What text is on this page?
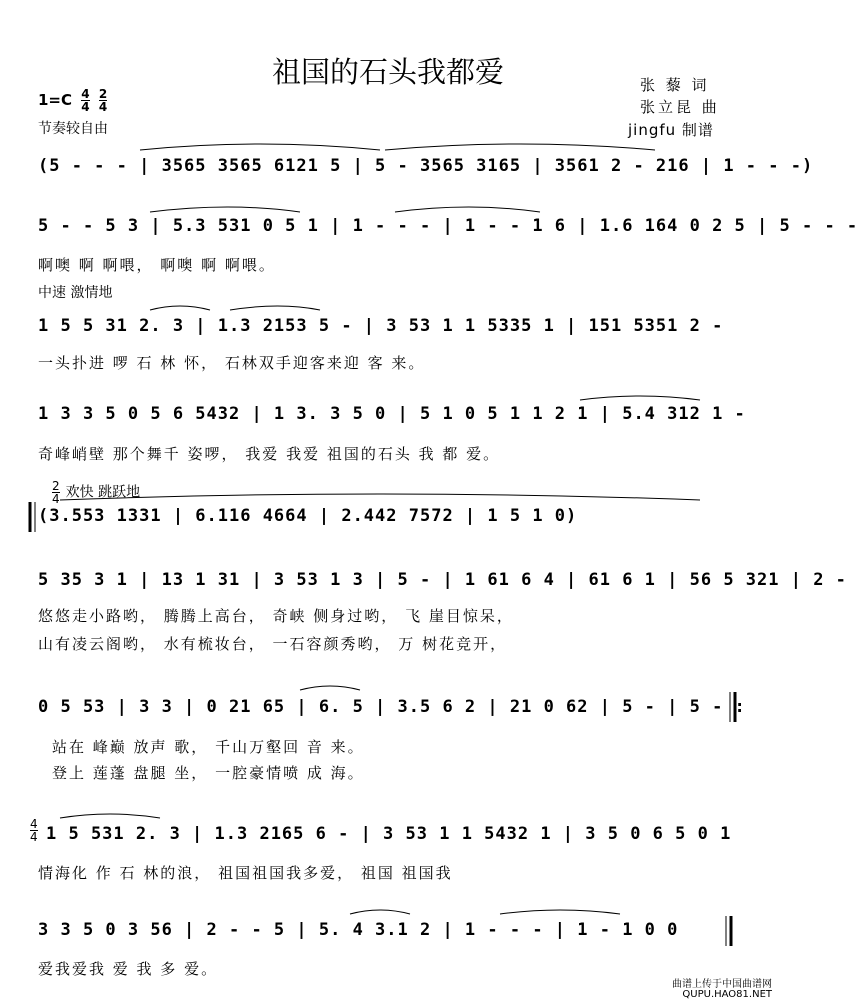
祖国的石头我都爱	张 藜 词
张立昆 曲
jingfu 制谱
$1=C \frac{4}{4}$
$\frac{2}{4}$
节奏较自由
(5 - - - | 3565 3565 6121 5 | 5 - 3565 3165 | 3561 2 - 216 | 1 - - -)
5 - - 5 3 | 5.3 531 0 5 1 | 1 - - - | 1 - - 1 6 | 1.6 164 0 2 5 | 5 - - -
啊噢 啊 啊喂， 啊噢 啊 啊喂。
中速 激情地
1 5 5 31 2. 3 | 1.3 2153 5 - | 3 53 1 1 5335 1 | 151 5351 2 -
一头扑进 啰 石 林 怀， 石林双手迎客来迎 客 来。
1 3 3 5 0 5 6 5432 | 1 3. 3 5 0 | 5 1 0 5 1 1 2 1 | 5.4 312 1 -
奇峰峭壁 那个舞千 姿啰， 我爱 我爱 祖国的石头 我 都 爱。
$\frac{2}{4}$ 欢快 跳跃地
(3.553 1331 | 6.116 4664 | 2.442 7572 | 1 5 1 0)
5 35 3 1 | 13 1 31 | 3 53 1 3 | 5 - | 1 61 6 4 | 61 6 1 | 56 5 321 | 2 -
悠悠走小路哟， 腾腾上高台， 奇峡 侧身过哟， 飞 崖目惊呆，
山有凌云阁哟， 水有梳妆台， 一石容颜秀哟， 万 树花竞开，
0 5 53 | 3 3 | 0 21 65 | 6. 5 | 3.5 6 2 | 21 0 62 | 5 - | 5 - :
站在 峰巅 放声 歌， 千山万壑回 音 来。
登上 莲蓬 盘腿 坐， 一腔豪情喷 成 海。
$\frac{4}{4} 1$ 5 531 2. 3 | 1.3 2165 6 - | 3 53 1 1 5432 1 | 3 5 0 6 5 0 1
情海化 作 石 林的浪， 祖国祖国我多爱， 祖国 祖国我
3 3 5 0 3 56 | 2 - - 5 | 5. 4 3.1 2 | 1 - - - | 1 - 1 0 0
爱我爱我 爱 我 多 爱。
曲谱上传于中国曲谱网
QUPU.HAO81.NET
